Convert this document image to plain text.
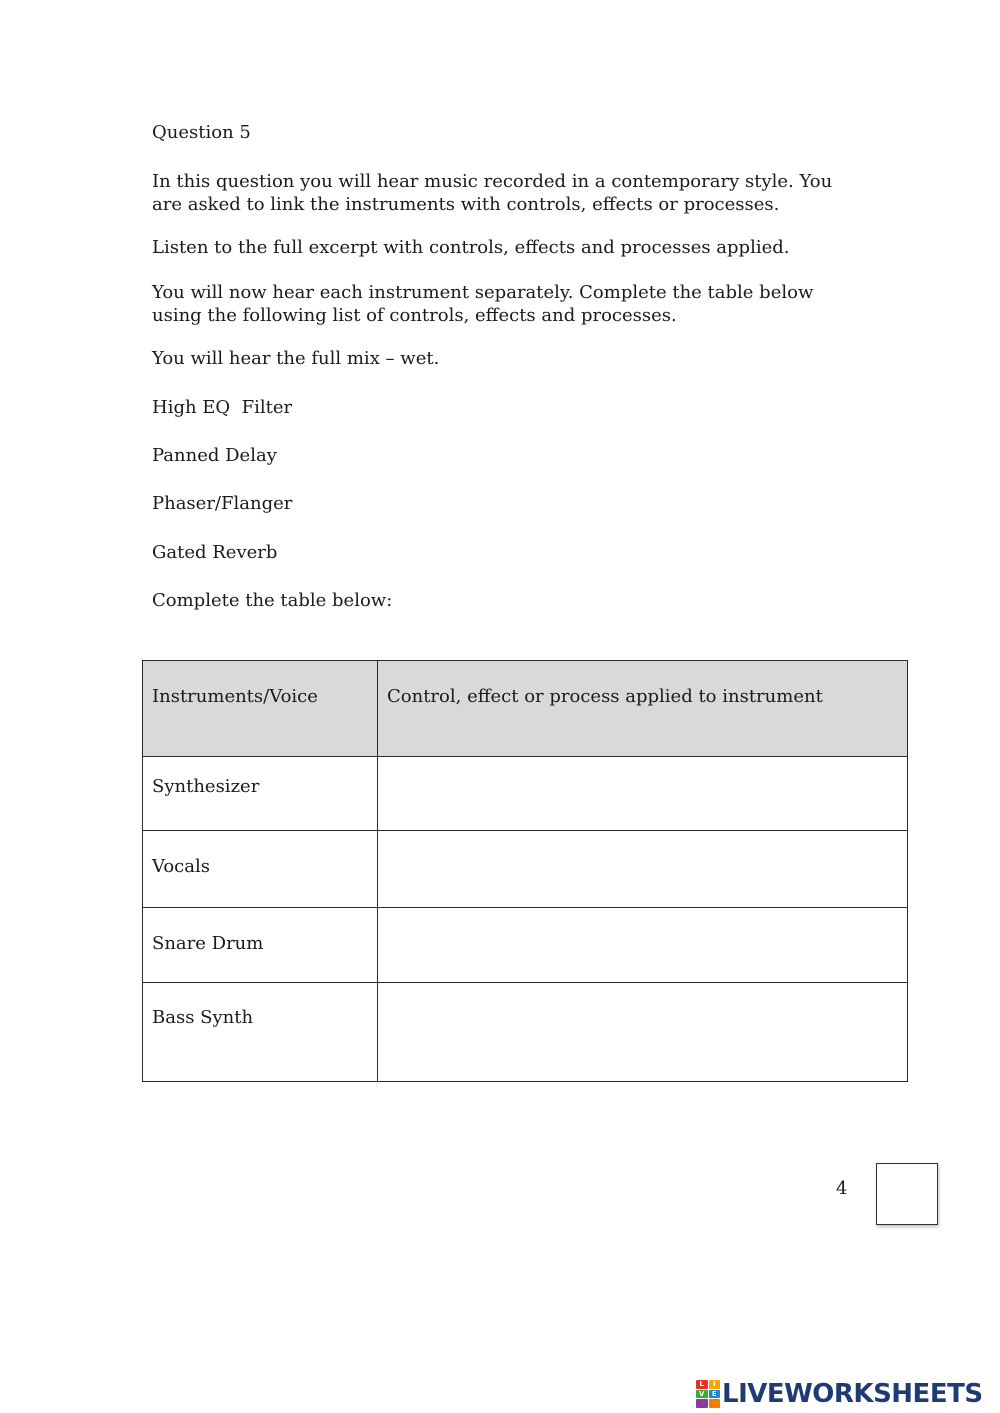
Question 5
In this question you will hear music recorded in a contemporary style. You are asked to link the instruments with controls, effects or processes.
Listen to the full excerpt with controls, effects and processes applied.
You will now hear each instrument separately. Complete the table below using the following list of controls, effects and processes.
You will hear the full mix – wet.
High EQ  Filter
Panned Delay
Phaser/Flanger
Gated Reverb
Complete the table below:
Instruments/Voice	Control, effect or process applied to instrument
Synthesizer
Vocals
Snare Drum
Bass Synth
4
L	I
V	E LIVEWORKSHEETS
